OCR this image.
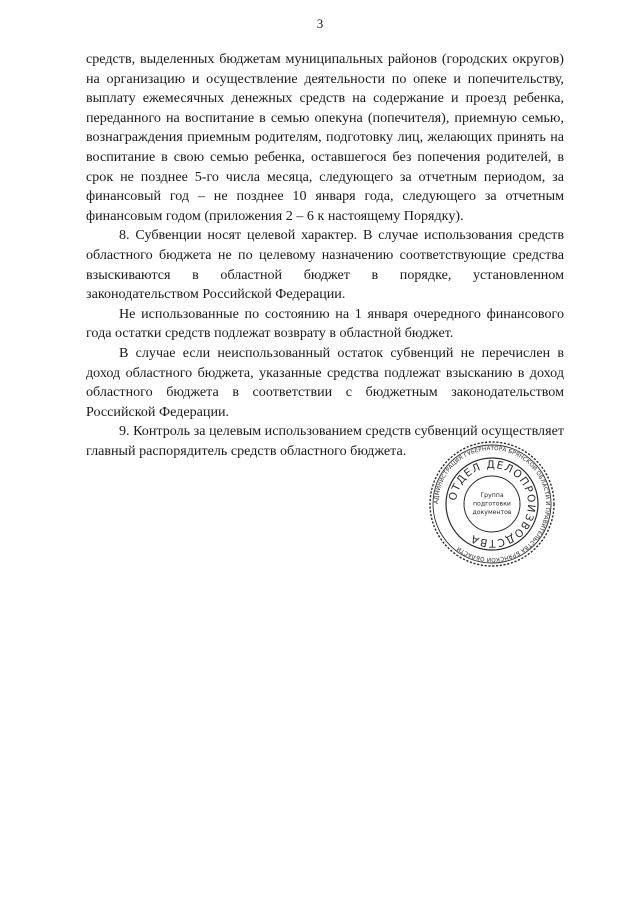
3

средств, выделенных бюджетам муниципальных районов (городских округов) на организацию и осуществление деятельности по опеке и попечительству, выплату ежемесячных денежных средств на содержание и проезд ребенка, переданного на воспитание в семью опекуна (попечителя), приемную семью, вознаграждения приемным родителям, подготовку лиц, желающих принять на воспитание в свою семью ребенка, оставшегося без попечения родителей, в срок не позднее 5-го числа месяца, следующего за отчетным периодом, за финансовый год – не позднее 10 января года, следующего за отчетным финансовым годом (приложения 2 – 6 к настоящему Порядку).

8. Субвенции носят целевой характер. В случае использования средств областного бюджета не по целевому назначению соответствующие средства взыскиваются в областной бюджет в порядке, установленном законодательством Российской Федерации.

Не использованные по состоянию на 1 января очередного финансового года остатки средств подлежат возврату в областной бюджет.

В случае если неиспользованный остаток субвенций не перечислен в доход областного бюджета, указанные средства подлежат взысканию в доход областного бюджета в соответствии с бюджетным законодательством Российской Федерации.

9. Контроль за целевым использованием средств субвенций осуществляет главный распорядитель средств областного бюджета.

АДМИНИСТРАЦИЯ ГУБЕРНАТОРА БРЯНСКОЙ ОБЛАСТИ И ПРАВИТЕЛЬСТВА БРЯНСКОЙ ОБЛАСТИ
ОТДЕЛ ДЕЛОПРОИЗВОДСТВА
Группа
подготовки
документов
